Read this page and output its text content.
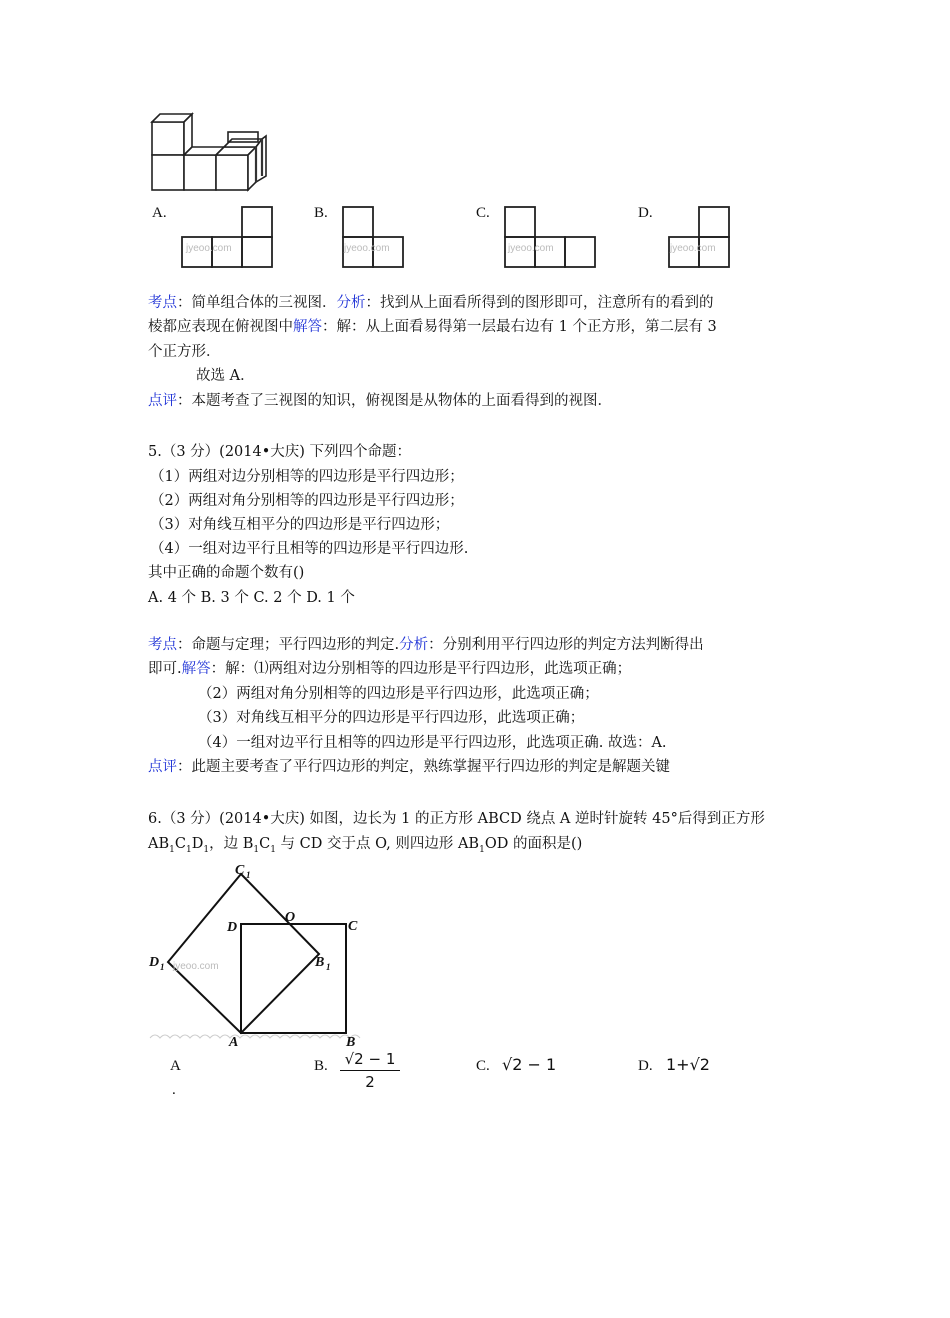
A.	B.	C.	D.
jyeoo.com	jyeoo.com	jyeoo.com	jyeoo.com
考点：简单组合体的三视图．分析：找到从上面看所得到的图形即可，注意所有的看到的
棱都应表现在俯视图中解答：解：从上面看易得第一层最右边有 1 个正方形，第二层有 3
个正方形．
故选 A．
点评：本题考查了三视图的知识，俯视图是从物体的上面看得到的视图．
5.（3 分）(2014•大庆) 下列四个命题：
（1）两组对边分别相等的四边形是平行四边形；
（2）两组对角分别相等的四边形是平行四边形；
（3）对角线互相平分的四边形是平行四边形；
（4）一组对边平行且相等的四边形是平行四边形.
其中正确的命题个数有()
A. 4 个 B. 3 个 C. 2 个 D. 1 个
考点：命题与定理；平行四边形的判定.分析：分别利用平行四边形的判定方法判断得出
即可.解答：解：⑴两组对边分别相等的四边形是平行四边形，此选项正确；
（2）两组对角分别相等的四边形是平行四边形，此选项正确；
（3）对角线互相平分的四边形是平行四边形，此选项正确；
（4）一组对边平行且相等的四边形是平行四边形，此选项正确. 故选：A.
点评：此题主要考查了平行四边形的判定，熟练掌握平行四边形的判定是解题关键
6.（3 分）(2014•大庆) 如图，边长为 1 的正方形 ABCD 绕点 A 逆时针旋转 45°后得到正方形
$AB_1C_1D_1$，边 $B_1C_1$ 与 CD 交于点 O, 则四边形 $AB_1OD$ 的面积是()
C 1
D
O
C
D 1	B 1
A	B
jyeoo.com
A
.
B. $\frac{√2 - 1}{2}$	C. √2 − 1	D. 1+√2
